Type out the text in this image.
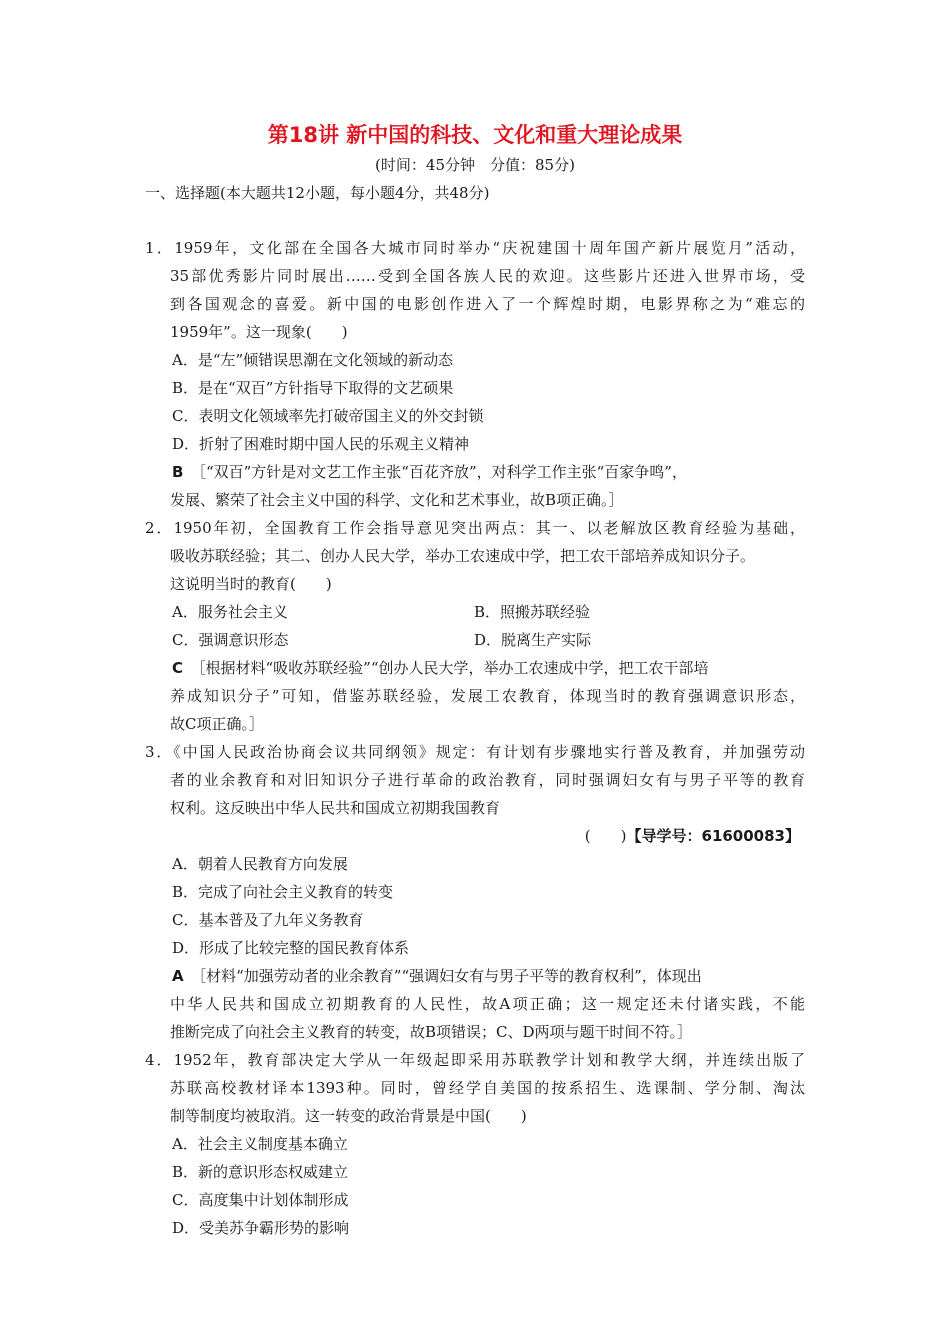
第18讲 新中国的科技、文化和重大理论成果
(时间：45分钟　分值：85分)
一、选择题(本大题共12小题，每小题4分，共48分)
1．1959年，文化部在全国各大城市同时举办“庆祝建国十周年国产新片展览月”活动，
35部优秀影片同时展出……受到全国各族人民的欢迎。这些影片还进入世界市场，受
到各国观念的喜爱。新中国的电影创作进入了一个辉煌时期，电影界称之为“难忘的
1959年”。这一现象(　　)
A．是“左”倾错误思潮在文化领域的新动态
B．是在“双百”方针指导下取得的文艺硕果
C．表明文化领域率先打破帝国主义的外交封锁
D．折射了困难时期中国人民的乐观主义精神
B  ［“双百”方针是对文艺工作主张“百花齐放”，对科学工作主张“百家争鸣”，
发展、繁荣了社会主义中国的科学、文化和艺术事业，故B项正确。］
2．1950年初，全国教育工作会指导意见突出两点：其一、以老解放区教育经验为基础，
吸收苏联经验；其二、创办人民大学，举办工农速成中学，把工农干部培养成知识分子。
这说明当时的教育(　　)
A．服务社会主义	B．照搬苏联经验
C．强调意识形态	D．脱离生产实际
C  ［根据材料“吸收苏联经验”“创办人民大学，举办工农速成中学，把工农干部培
养成知识分子”可知，借鉴苏联经验，发展工农教育，体现当时的教育强调意识形态，
故C项正确。］
3．《中国人民政治协商会议共同纲领》规定：有计划有步骤地实行普及教育，并加强劳动
者的业余教育和对旧知识分子进行革命的政治教育，同时强调妇女有与男子平等的教育
权利。这反映出中华人民共和国成立初期我国教育
(　　)【导学号：61600083】
A．朝着人民教育方向发展
B．完成了向社会主义教育的转变
C．基本普及了九年义务教育
D．形成了比较完整的国民教育体系
A  ［材料“加强劳动者的业余教育”“强调妇女有与男子平等的教育权利”，体现出
中华人民共和国成立初期教育的人民性，故A项正确；这一规定还未付诸实践，不能
推断完成了向社会主义教育的转变，故B项错误；C、D两项与题干时间不符。］
4．1952年，教育部决定大学从一年级起即采用苏联教学计划和教学大纲，并连续出版了
苏联高校教材译本1393种。同时，曾经学自美国的按系招生、选课制、学分制、淘汰
制等制度均被取消。这一转变的政治背景是中国(　　)
A．社会主义制度基本确立
B．新的意识形态权威建立
C．高度集中计划体制形成
D．受美苏争霸形势的影响
